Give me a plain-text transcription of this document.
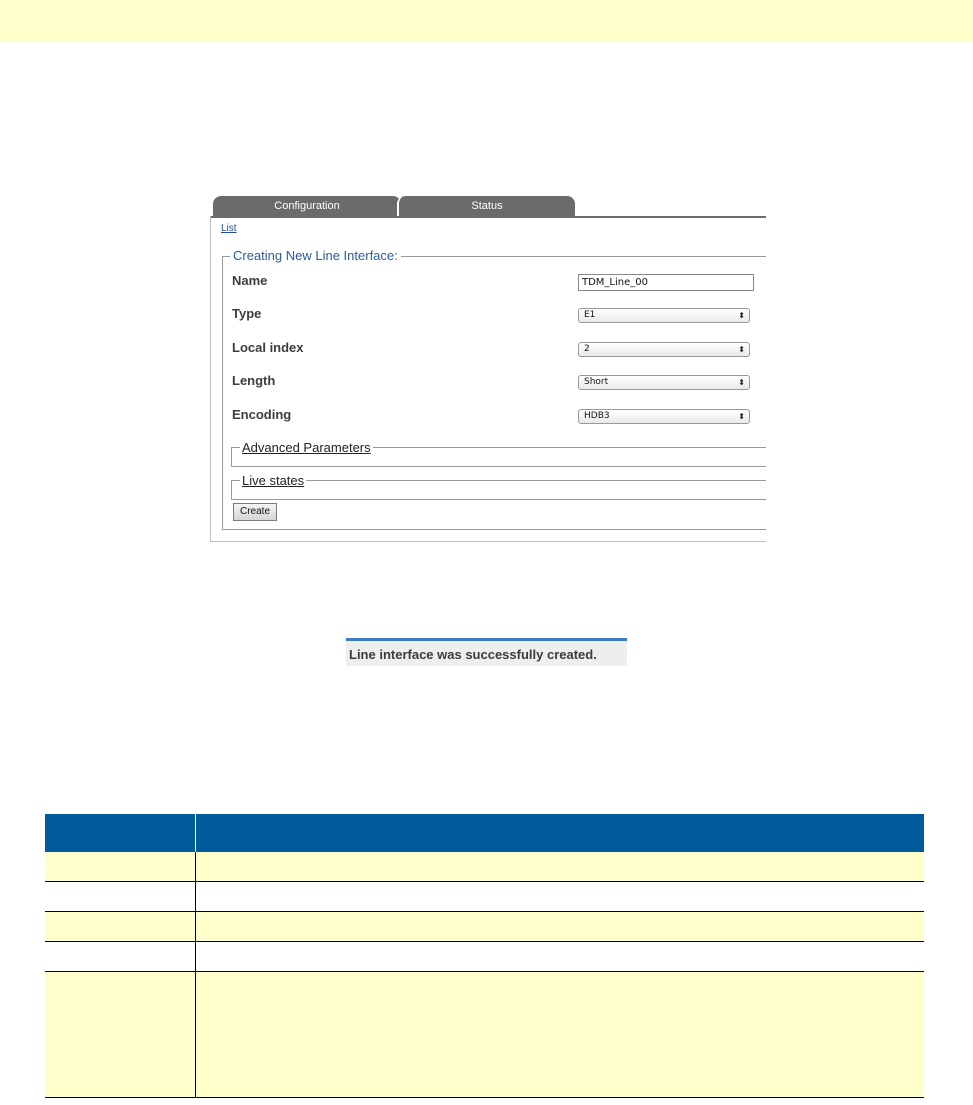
Configuration	Status
List
Creating New Line Interface:
Name	TDM_Line_00
Type	E1	⬍
Local index	2	⬍
Length	Short	⬍
Encoding	HDB3	⬍
Advanced Parameters
Live states
Create
Line interface was successfully created.
